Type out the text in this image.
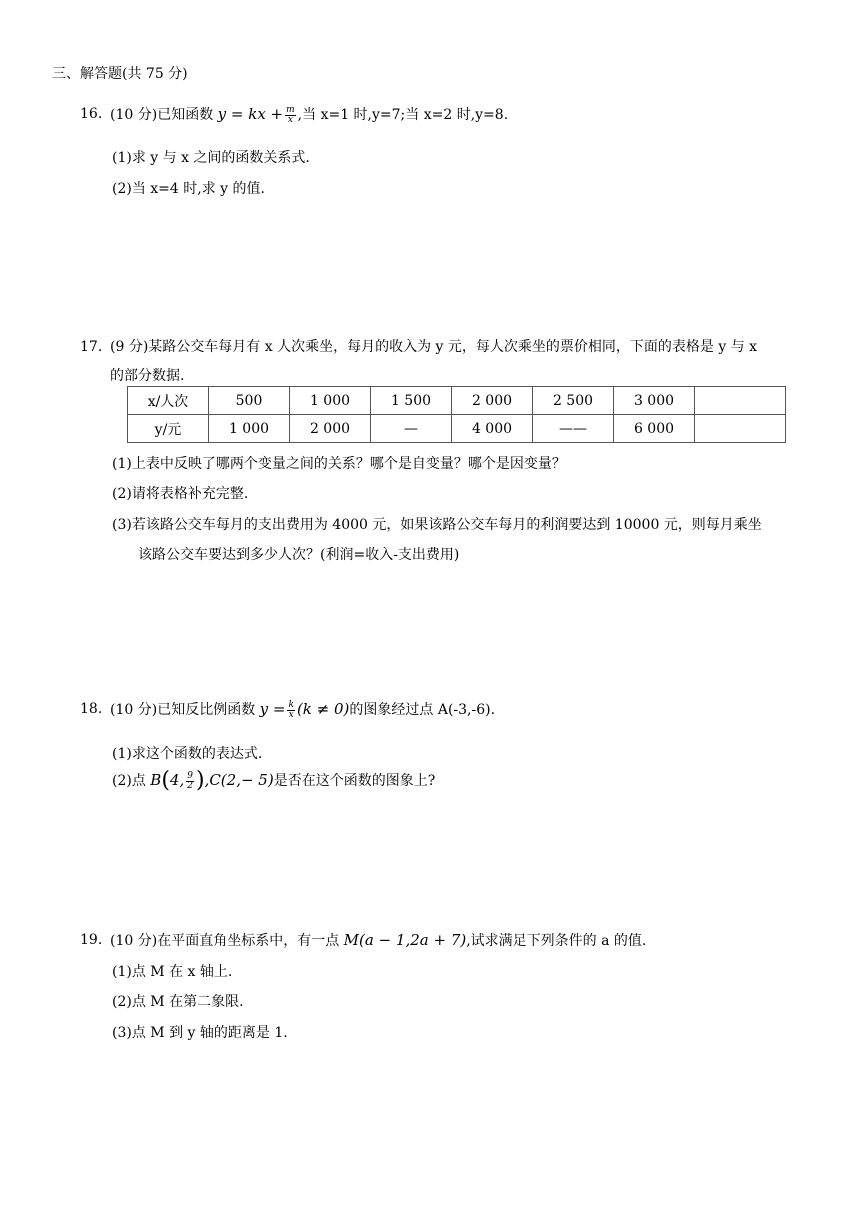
三、解答题(共 75 分)
16. (10 分)已知函数 y = kx + $\frac{m}{x}$ ,当 x=1 时,y=7;当 x=2 时,y=8.
(1)求 y 与 x 之间的函数关系式.
(2)当 x=4 时,求 y 的值.
17. (9 分)某路公交车每月有 x 人次乘坐，每月的收入为 y 元，每人次乘坐的票价相同，下面的表格是 y 与 x
的部分数据.
x/人次	500	1 000	1 500	2 000	2 500	3 000	
y/元	1 000	2 000	—	4 000	——	6 000	
(1)上表中反映了哪两个变量之间的关系？哪个是自变量？哪个是因变量？
(2)请将表格补充完整.
(3)若该路公交车每月的支出费用为 4000 元，如果该路公交车每月的利润要达到 10000 元，则每月乘坐
该路公交车要达到多少人次？(利润=收入-支出费用)
18. (10 分)已知反比例函数 $y = \frac{k}{x} (k \ne 0)$的图象经过点 A(-3,-6).
(1)求这个函数的表达式.
(2)点 B(4, $\frac{9}{2} ),C(2,- 5)$是否在这个函数的图象上?
19. (10 分)在平面直角坐标系中，有一点 M(a − 1,2a + 7),试求满足下列条件的 a 的值.
(1)点 M 在 x 轴上.
(2)点 M 在第二象限.
(3)点 M 到 y 轴的距离是 1.
